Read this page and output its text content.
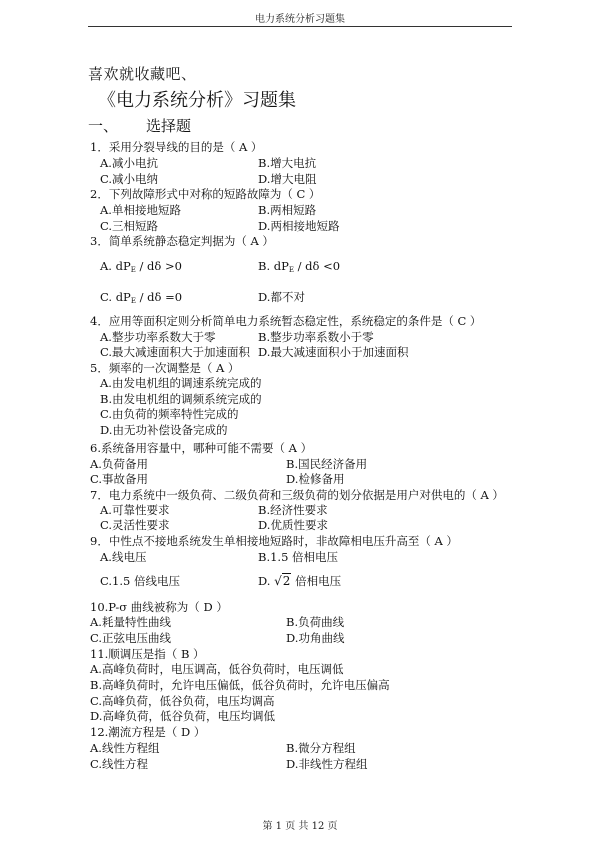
电力系统分析习题集
喜欢就收藏吧、
《电力系统分析》习题集
一、 选择题
1．采用分裂导线的目的是（ A ）
A.减小电抗	B.增大电抗
C.减小电纳	D.增大电阻
2．下列故障形式中对称的短路故障为（ C ）
A.单相接地短路	B.两相短路
C.三相短路	D.两相接地短路
3．简单系统静态稳定判据为（ A ）
A. $dP_E / d\delta >0$	B. $dP_E / d\delta <0$
C. $dP_E / d\delta =0$	D.都不对
4．应用等面积定则分析简单电力系统暂态稳定性，系统稳定的条件是（ C ）
A.整步功率系数大于零	B.整步功率系数小于零
C.最大减速面积大于加速面积 D.最大减速面积小于加速面积
5．频率的一次调整是（ A ）
A.由发电机组的调速系统完成的
B.由发电机组的调频系统完成的
C.由负荷的频率特性完成的
D.由无功补偿设备完成的
6.系统备用容量中，哪种可能不需要（ A ）
A.负荷备用	B.国民经济备用
C.事故备用	D.检修备用
7．电力系统中一级负荷、二级负荷和三级负荷的划分依据是用户对供电的（ A ）
A.可靠性要求	B.经济性要求
C.灵活性要求	D.优质性要求
9．中性点不接地系统发生单相接地短路时，非故障相电压升高至（ A ）
A.线电压	B.1.5 倍相电压
C.1.5 倍线电压	D. √2 倍相电压
10.P-σ 曲线被称为（ D ）
A.耗量特性曲线	B.负荷曲线
C.正弦电压曲线	D.功角曲线
11.顺调压是指（ B ）
A.高峰负荷时，电压调高，低谷负荷时，电压调低
B.高峰负荷时，允许电压偏低，低谷负荷时，允许电压偏高
C.高峰负荷，低谷负荷，电压均调高
D.高峰负荷，低谷负荷，电压均调低
12.潮流方程是（ D ）
A.线性方程组	B.微分方程组
C.线性方程	D.非线性方程组
第 1 页 共 12 页
